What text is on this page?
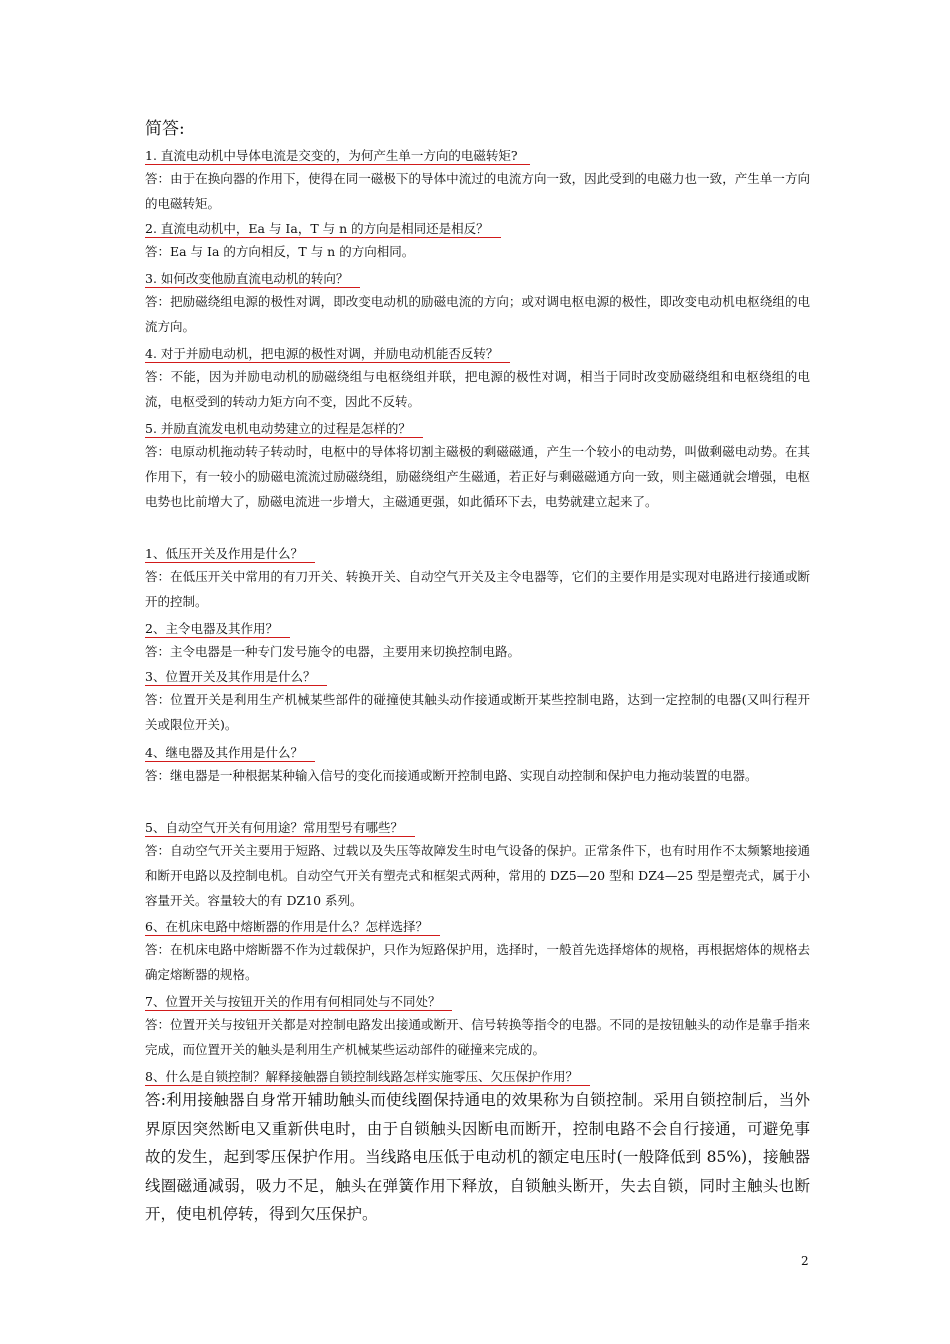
简答:
1. 直流电动机中导体电流是交变的，为何产生单一方向的电磁转矩?
答：由于在换向器的作用下，使得在同一磁极下的导体中流过的电流方向一致，因此受到的电磁力也一致，产生单一方向的电磁转矩。
2. 直流电动机中，Ea 与 Ia，T 与 n 的方向是相同还是相反？
答：Ea 与 Ia 的方向相反，T 与 n 的方向相同。
3. 如何改变他励直流电动机的转向？
答：把励磁绕组电源的极性对调，即改变电动机的励磁电流的方向；或对调电枢电源的极性，即改变电动机电枢绕组的电流方向。
4. 对于并励电动机，把电源的极性对调，并励电动机能否反转？
答：不能，因为并励电动机的励磁绕组与电枢绕组并联，把电源的极性对调，相当于同时改变励磁绕组和电枢绕组的电流，电枢受到的转动力矩方向不变，因此不反转。
5. 并励直流发电机电动势建立的过程是怎样的？
答：电原动机拖动转子转动时，电枢中的导体将切割主磁极的剩磁磁通，产生一个较小的电动势，叫做剩磁电动势。在其作用下，有一较小的励磁电流流过励磁绕组，励磁绕组产生磁通，若正好与剩磁磁通方向一致，则主磁通就会增强，电枢电势也比前增大了，励磁电流进一步增大，主磁通更强，如此循环下去，电势就建立起来了。
1、低压开关及作用是什么？
答：在低压开关中常用的有刀开关、转换开关、自动空气开关及主令电器等，它们的主要作用是实现对电路进行接通或断开的控制。
2、主令电器及其作用？
答：主令电器是一种专门发号施令的电器，主要用来切换控制电路。
3、位置开关及其作用是什么？
答：位置开关是利用生产机械某些部件的碰撞使其触头动作接通或断开某些控制电路，达到一定控制的电器(又叫行程开关或限位开关)。
4、继电器及其作用是什么？
答：继电器是一种根据某种输入信号的变化而接通或断开控制电路、实现自动控制和保护电力拖动装置的电器。
5、自动空气开关有何用途？常用型号有哪些？
答：自动空气开关主要用于短路、过载以及失压等故障发生时电气设备的保护。正常条件下，也有时用作不太频繁地接通和断开电路以及控制电机。自动空气开关有塑壳式和框架式两种，常用的 DZ5—20 型和 DZ4—25 型是塑壳式，属于小容量开关。容量较大的有 DZ10 系列。
6、在机床电路中熔断器的作用是什么？怎样选择？
答：在机床电路中熔断器不作为过载保护，只作为短路保护用，选择时，一般首先选择熔体的规格，再根据熔体的规格去确定熔断器的规格。
7、位置开关与按钮开关的作用有何相同处与不同处？
答：位置开关与按钮开关都是对控制电路发出接通或断开、信号转换等指令的电器。不同的是按钮触头的动作是靠手指来完成，而位置开关的触头是利用生产机械某些运动部件的碰撞来完成的。
8、什么是自锁控制？解释接触器自锁控制线路怎样实施零压、欠压保护作用？
答:利用接触器自身常开辅助触头而使线圈保持通电的效果称为自锁控制。采用自锁控制后，当外界原因突然断电又重新供电时，由于自锁触头因断电而断开，控制电路不会自行接通，可避免事故的发生，起到零压保护作用。当线路电压低于电动机的额定电压时(一般降低到 85%)，接触器线圈磁通减弱，吸力不足，触头在弹簧作用下释放，自锁触头断开，失去自锁，同时主触头也断开，使电机停转，得到欠压保护。
2
